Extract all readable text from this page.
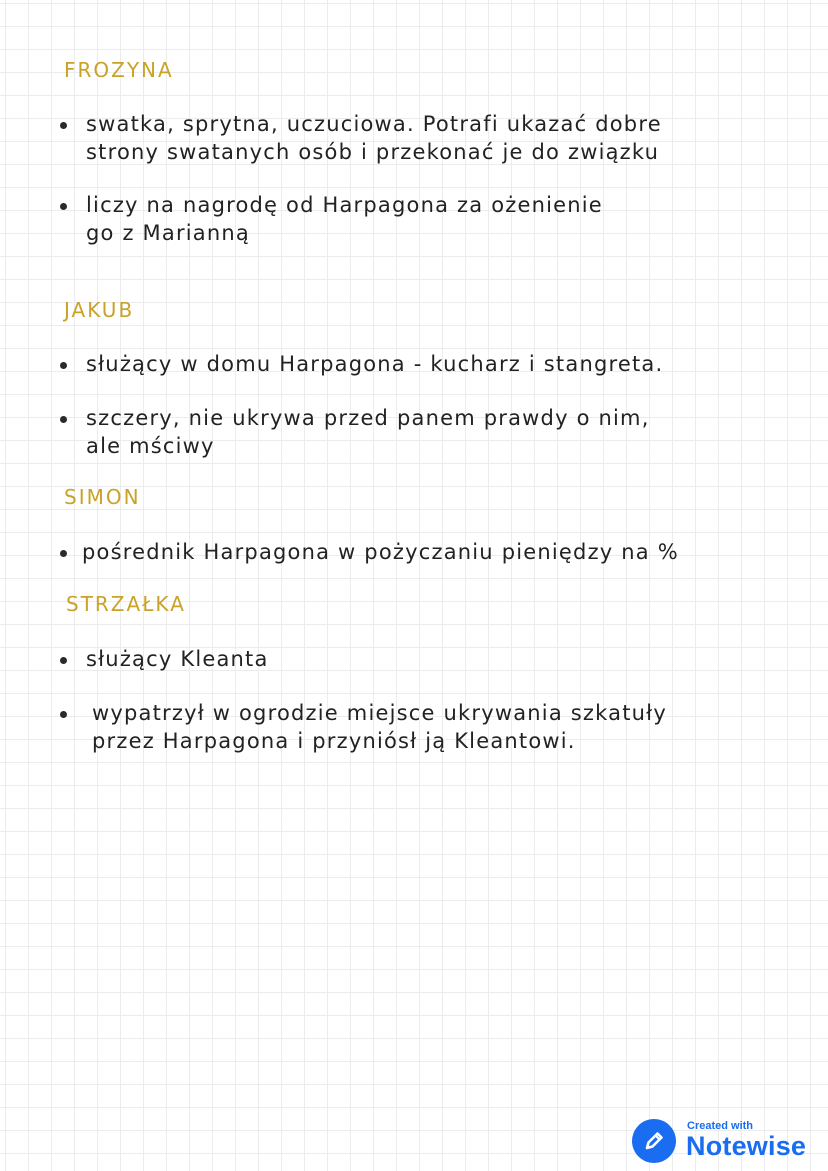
FROZYNA
swatka, sprytna, uczuciowa. Potrafi ukazać dobre
strony swatanych osób i przekonać je do związku
liczy na nagrodę od Harpagona za ożenienie
go z Marianną
JAKUB
służący w domu Harpagona - kucharz i stangreta.
szczery, nie ukrywa przed panem prawdy o nim,
ale mściwy
SIMON
pośrednik Harpagona w pożyczaniu pieniędzy na %
STRZAŁKA
służący Kleanta
wypatrzył w ogrodzie miejsce ukrywania szkatuły
przez Harpagona i przyniósł ją Kleantowi.
Created with
Notewise
